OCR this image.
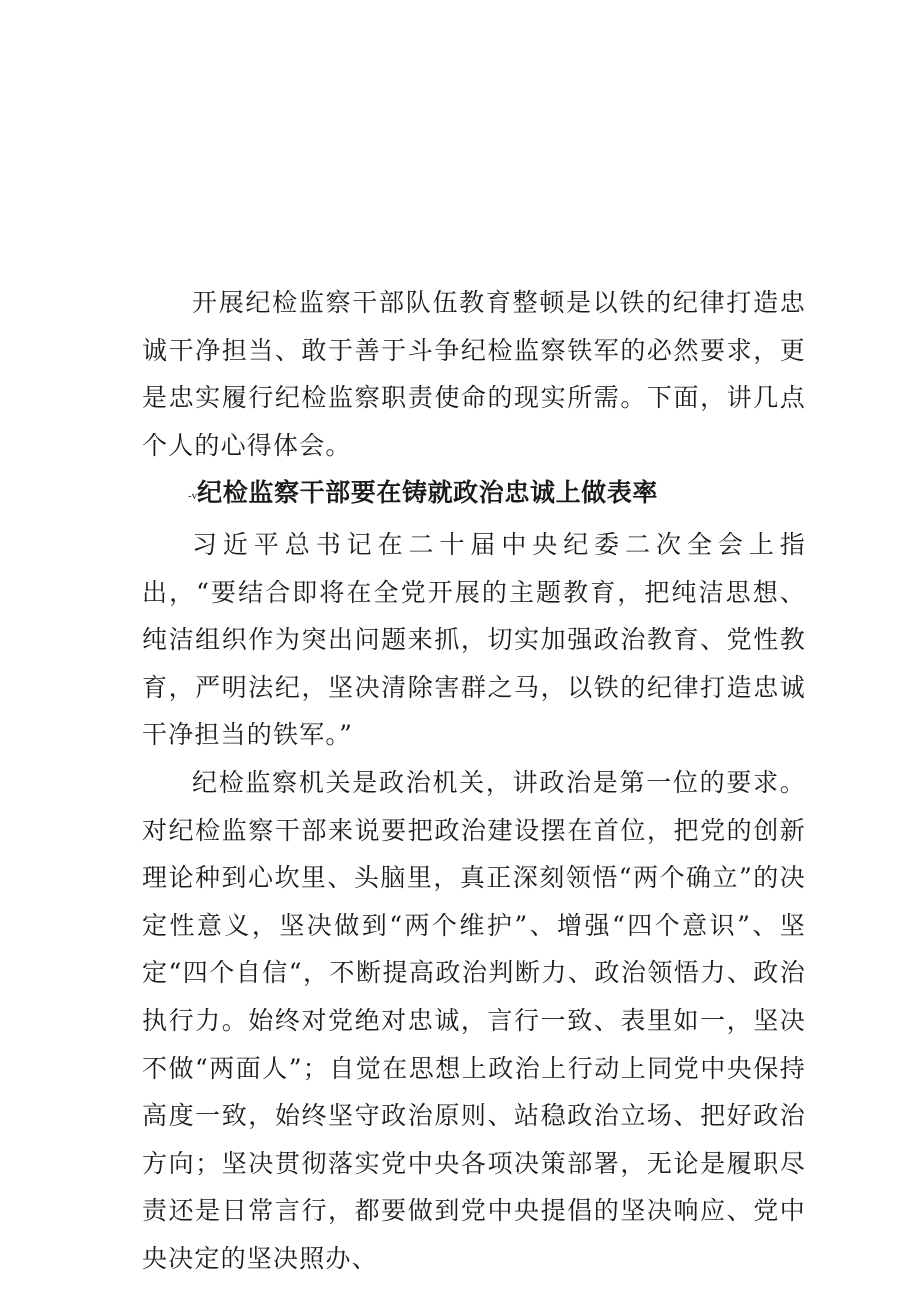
开展纪检监察干部队伍教育整顿是以铁的纪律打造忠诚干净担当、敢于善于斗争纪检监察铁军的必然要求，更是忠实履行纪检监察职责使命的现实所需。下面，讲几点个人的心得体会。

-v纪检监察干部要在铸就政治忠诚上做表率

习近平总书记在二十届中央纪委二次全会上指出，“要结合即将在全党开展的主题教育，把纯洁思想、纯洁组织作为突出问题来抓，切实加强政治教育、党性教育，严明法纪，坚决清除害群之马，以铁的纪律打造忠诚干净担当的铁军。”

纪检监察机关是政治机关，讲政治是第一位的要求。对纪检监察干部来说要把政治建设摆在首位，把党的创新理论种到心坎里、头脑里，真正深刻领悟“两个确立”的决定性意义，坚决做到“两个维护”、增强“四个意识”、坚定“四个自信“，不断提高政治判断力、政治领悟力、政治执行力。始终对党绝对忠诚，言行一致、表里如一，坚决不做“两面人”；自觉在思想上政治上行动上同党中央保持高度一致，始终坚守政治原则、站稳政治立场、把好政治方向；坚决贯彻落实党中央各项决策部署，无论是履职尽责还是日常言行，都要做到党中央提倡的坚决响应、党中央决定的坚决照办、
